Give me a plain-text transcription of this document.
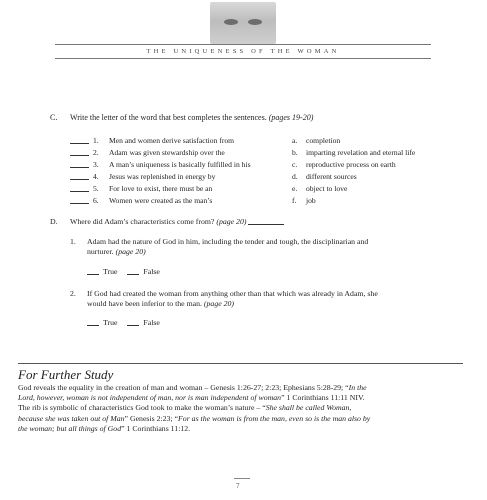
THE UNIQUENESS OF THE WOMAN
C. Write the letter of the word that best completes the sentences. (pages 19-20)
1. Men and women derive satisfaction from
2. Adam was given stewardship over the
3. A man’s uniqueness is basically fulfilled in his
4. Jesus was replenished in energy by
5. For love to exist, there must be an
6. Women were created as the man’s
a. completion
b. imparting revelation and eternal life
c. reproductive process on earth
d. different sources
e. object to love
f. job
D. Where did Adam’s characteristics come from? (page 20)
1. Adam had the nature of God in him, including the tender and tough, the disciplinarian and
nurturer. (page 20)
True	False
2. If God had created the woman from anything other than that which was already in Adam, she
would have been inferior to the man. (page 20)
True	False
For Further Study
God reveals the equality in the creation of man and woman – Genesis 1:26-27; 2:23; Ephesians 5:28-29; “In the
Lord, however, woman is not independent of man, nor is man independent of woman” 1 Corinthians 11:11 NIV.
The rib is symbolic of characteristics God took to make the woman’s nature – “She shall be called Woman,
because she was taken out of Man” Genesis 2:23; “For as the woman is from the man, even so is the man also by
the woman; but all things of God” 1 Corinthians 11:12.
7
